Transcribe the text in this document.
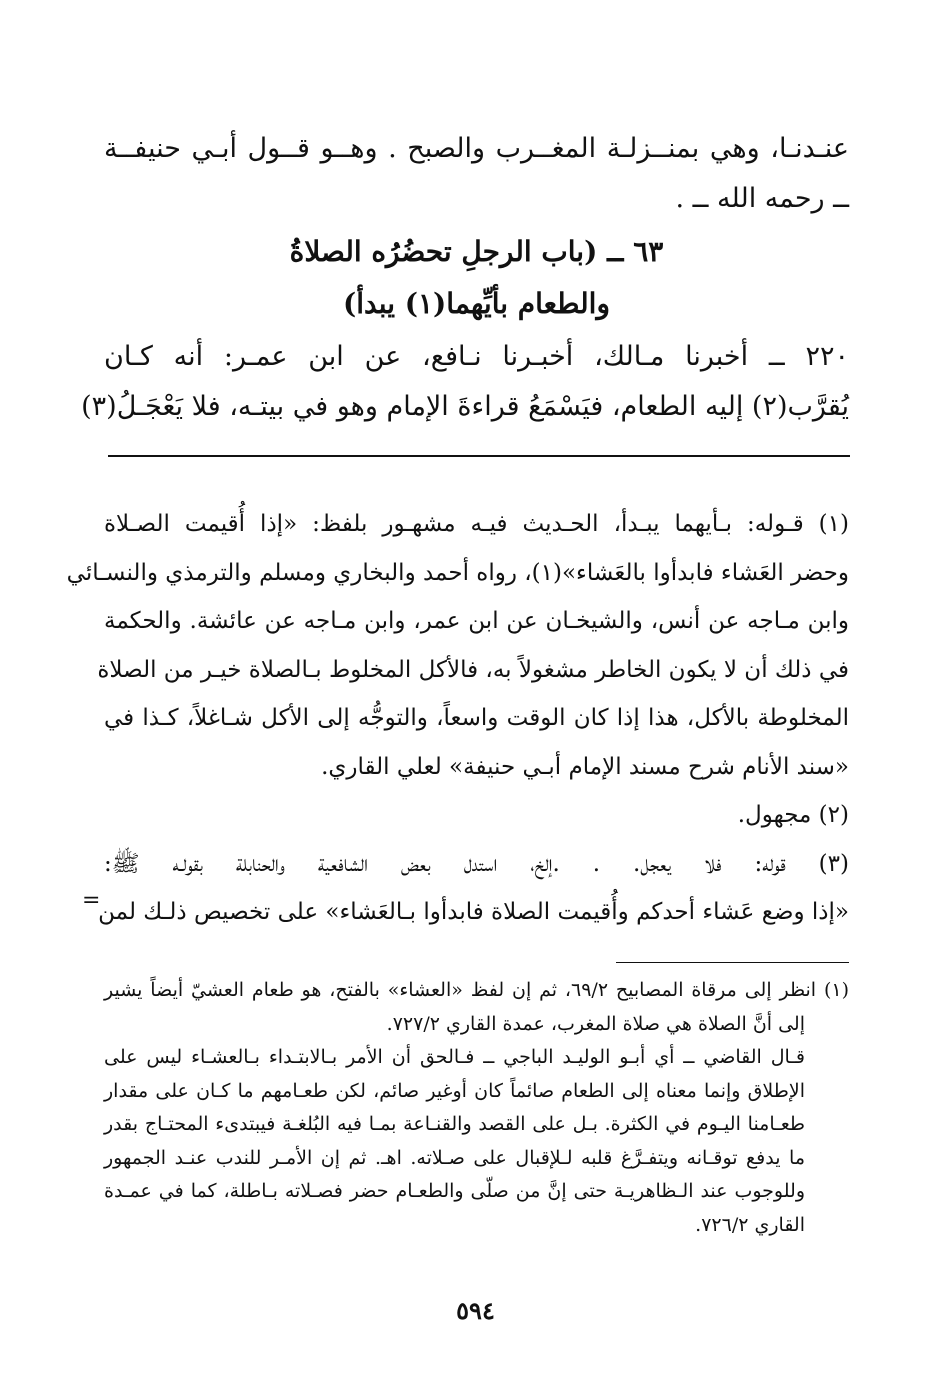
عنـدنـا، وهي بمنــزلـة المغــرب والصبح . وهــو قــول أبـي حنيفــة
ــ رحمه الله ــ .
٦٣ ــ (باب الرجلِ تحضُرُه الصلاةُ
والطعام بأيِّهما(١) يبدأ)
٢٢٠ ــ أخبرنا مـالك، أخبـرنا نـافع، عن ابن عمـر: أنه كـان
يُقرَّب(٢) إليه الطعام، فيَسْمَعُ قراءةَ الإمام وهو في بيتـه، فلا يَعْجَـلُ(٣)
(١) قـوله: بـأيهما يبـدأ، الحـديث فيـه مشهـور بلفظ: «إذا أُقيمت الصـلاة
وحضر العَشاء فابدأوا بالعَشاء»(١)، رواه أحمد والبخاري ومسلم والترمذي والنسـائي
وابن مـاجه عن أنس، والشيخـان عن ابن عمر، وابن مـاجه عن عائشة. والحكمة
في ذلك أن لا يكون الخاطر مشغولاً به، فالأكل المخلوط بـالصلاة خيـر من الصلاة
المخلوطة بالأكل، هذا إذا كان الوقت واسعاً، والتوجُّه إلى الأكل شـاغلاً، كـذا في
«سند الأنام شرح مسند الإمام أبـي حنيفة» لعلي القاري.
(٢) مجهول.
(٣) قوله: فلا يعجل. . .إلخ، استدل بعض الشافعية والحنابلة بقولـه ﷺ:
«إذا وضع عَشاء أحدكم وأُقيمت الصلاة فابدأوا بـالعَشاء» على تخصيص ذلـك لمن
=
(١) انظر إلى مرقاة المصابيح ٦٩/٢، ثم إن لفظ «العشاء» بالفتح، هو طعام العشيّ أيضاً يشير
إلى أنَّ الصلاة هي صلاة المغرب، عمدة القاري ٧٢٧/٢.
قـال القاضي ــ أي أبـو الوليـد الباجي ــ فـالحق أن الأمر بـالابتـداء بـالعشـاء ليس على
الإطلاق وإنما معناه إلى الطعام صائماً كان أوغير صائم، لكن طعـامهم ما كـان على مقدار
طعـامنا اليـوم في الكثرة. بـل على القصد والقنـاعة بمـا فيه البُلغـة فيبتدىء المحتـاج بقدر
ما يدفع توقـانه ويتفـرَّغ قلبه لـلإقبال على صـلاته. اهـ. ثم إن الأمـر للندب عنـد الجمهور
وللوجوب عند الـظاهريـة حتى إنَّ من صلّى والطعـام حضر فصـلاته بـاطلة، كما في عمـدة
القاري ٧٢٦/٢.
٥٩٤
